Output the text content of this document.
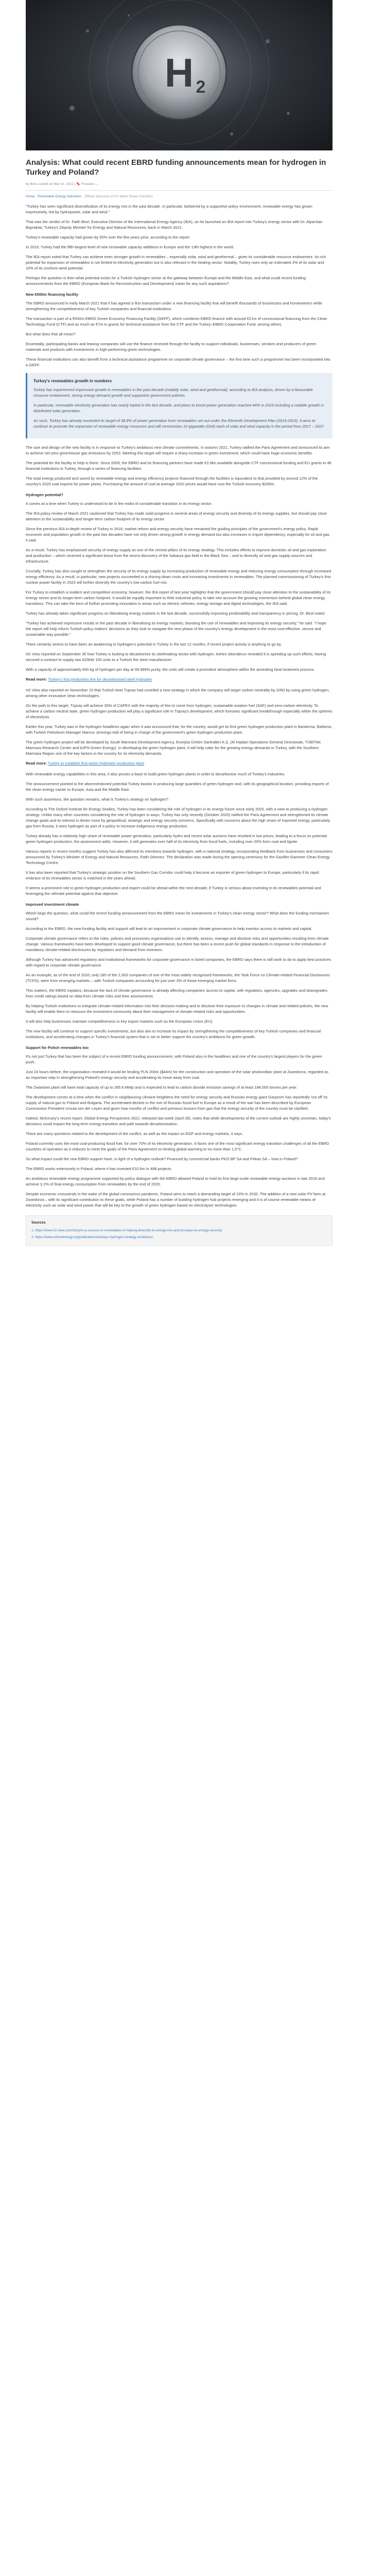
H 2
Analysis: What could recent EBRD funding announcements mean for hydrogen in
Turkey and Poland?
by Bob Lockhill on Mar 02, 2021 | 🔖 Fossiere —
Home Renewable Energy Industries Official Sponsors of H2 Week Power Corridors

"Turkey has seen significant diversification of its energy mix in the past decade. In particular, bolstered by a supportive policy environment, renewable energy has grown impressively, led by hydropower, solar and wind."

That was the verdict of Dr. Fatih Birol, Executive Director of the International Energy Agency (IEA), as he launched an IEA report into Turkey's energy sector with Dr. Alparslan Bayraktar, Turkey's Deputy Minister for Energy and Natural Resources, back in March 2021.

Turkey's renewable capacity had grown by 50% over the few years prior, according to the report.

In 2019, Turkey had the fifth-largest level of new renewable capacity additions in Europe and the 13th highest in the world.

The IEA report noted that Turkey can achieve even stronger growth in renewables – especially solar, wind and geothermal – given its considerable resource endowment. Its rich potential for expansion of renewables is not limited to electricity generation but is also relevant in the heating sector. Notably, Turkey uses only an estimated 3% of its solar and 10% of its onshore wind potential.

Perhaps the question is then what potential exists for a Turkish hydrogen sector at the gateway between Europe and the Middle East, and what could recent funding announcements from the EBRD (European Bank for Reconstruction and Development) mean for any such aspirations?

New €500m financing facility

The EBRD announced in early March 2021 that it has agreed a first transaction under a new financing facility that will benefit thousands of businesses and homeowners while strengthening the competitiveness of key Turkish companies and financial institutions.

The transaction is part of a €500m EBRD Green Economy Financing Facility (GEFF), which combines EBRD finance with around €21m of concessional financing from the Clean Technology Fund (CTF) and as much as €7m in grants for technical assistance from the CTF and the Turkey–EBRD Cooperation Fund, among others.

But what does that all mean?

Essentially, participating banks and leasing companies will use the finance received through the facility to support individuals, businesses, vendors and producers of green materials and products with investments in high-performing green technologies.

These financial institutions can also benefit from a technical assistance programme on corporate climate governance – the first time such a programme has been incorporated into a GEFF.

Turkey's renewables growth in numbers

Turkey has experienced impressive growth in renewables in the past decade (notably solar, wind and geothermal), according to IEA analysis, driven by a favourable resource endowment, strong energy demand growth and supportive government policies.

In particular, renewable electricity generation has nearly tripled in the last decade, and plans to boost power generation reached 44% in 2019 including a notable growth in distributed solar generation.

As such, Turkey has already exceeded its target of 38.8% of power generation from renewables set out under the Eleventh Development Plan (2019-2023). It aims to continue to promote the expansion of renewable energy resources and will commission 10 gigawatts (GW) each of solar and wind capacity in the period from 2017 – 2027.

The size and design of the new facility is in response to Turkey's ambitious new climate commitments. In autumn 2021, Turkey ratified the Paris Agreement and announced its aim to achieve net-zero greenhouse gas emissions by 2053. Meeting this target will require a sharp increase in green investment, which could have huge economic benefits.

The potential for the facility to help is there. Since 2009, the EBRD and its financing partners have made €2.6bn available alongside CTF concessional funding and EU grants to 48 financial institutions in Turkey, through a series of financing facilities.

The total energy produced and saved by renewable energy and energy efficiency projects financed through the facilities is equivalent to that provided by around 12% of the country's 2020 coal imports for power plants. Purchasing the amount of coal at average 2020 prices would have cost the Turkish economy $265m.

Hydrogen potential?

It comes at a time when Turkey is understood to be in the midst of considerable transition in its energy sector.

The IEA policy review of March 2021 cautioned that Turkey has made solid progress in several areas of energy security and diversity of its energy supplies, but should pay close attention to the sustainability and longer-term carbon footprint of its energy sector.

Since the previous IEA in-depth review of Turkey in 2016, market reform and energy security have remained the guiding principles of the government's energy policy. Rapid economic and population growth in the past two decades have not only driven strong growth in energy demand but also increases in import dependency, especially for oil and gas, it said.

As a result, Turkey has emphasised security of energy supply as one of the central pillars of its energy strategy. This includes efforts to improve domestic oil and gas exploration and production – which received a significant boost from the recent discovery of the Sakarya gas field in the Black Sea – and to diversify oil and gas supply sources and infrastructure.

Crucially, Turkey has also sought to strengthen the security of its energy supply by increasing production of renewable energy and reducing energy consumption through increased energy efficiency. As a result, in particular, new projects succeeded in a shining down costs and increasing investments in renewables. The planned commissioning of Turkey's first nuclear power facility in 2023 will further diversify the country's low-carbon fuel mix.

For Turkey to establish a modern and competitive economy, however, the IEA report of last year highlights that the government should pay close attention to the sustainability of its energy sector and its longer-term carbon footprint. It would be equally important to their industrial policy to take into account the growing momentum behind global clean energy transitions. This can take the form of further promoting innovation in areas such as electric vehicles, energy storage and digital technologies, the IEA said.

Turkey has already taken significant progress on liberalising energy markets in the last decade, successfully improving predictability and transparency in pricing, Dr. Birol noted.

"Turkey has achieved impressive results in the past decade in liberalising its energy markets, boosting the use of renewables and improving its energy security," he said. "I hope the report will help inform Turkish policy makers' decisions as they look to navigate the next phase of the country's energy development in the most cost-effective, secure and sustainable way possible."

There certainly seems to have been an awakening to hydrogen's potential in Turkey in the last 12 months, if recent project activity is anything to go by.

H2 View reported on September 30 how Turkey is looking to decarbonise its steelmaking sector with hydrogen. Ashes Iskenderun revealed it is speeding up such efforts, having secured a contract to supply two 625kW 100 units to a Turkish fire steel manufacturer.

With a capacity of approximately 600 kg of hydrogen per day at 99.999% purity, the units will create a promotive atmosphere within the annealing heat treatment process.

Read more: Turkey's first production line for decarbonised steel hydrogen

H2 View also reported on November 15 that Turkish beet Tupras had unveiled a new strategy in which the company will target carbon neutrality by 2050 by using green hydrogen, among other innovative clean technologies.

On the path to this target, Tüpraş will achieve 30% of CAPEX with the majority of this to come from hydrogen, sustainable aviation fuel (SAF) and zero-carbon electricity. To achieve a carbon neutral state, green hydrogen production will play a significant role in Tüpraş's development, which foresees significant breakthrough especially within the spheres of electrolysis.

Earlier this year, Turkey was in the hydrogen headlines again when it was announced that, for the country, would get its first green hydrogen production plant in Bandırma, Balikesir, with Turkish Petroleum Manager Marcus Jennings told of being in charge of the government's green hydrogen production plant.

The green hydrogen project will be developed by South Marmara Development Agency, Enerjisa Üretim Santralleri A.Ş. (Al Haidari Operations General Directorate, TÜBİTAK Marmara Research Center and AJPS-Green Energy). In developing the green hydrogen plant, it will help cater for the growing energy demands in Turkey, with the Southern Marmara Region one of the key factors in the country for its electricity demands.

Read more: Turkey to establish first green hydrogen production plant

With renewable energy capabilities in this area, it also proves a base to build green hydrogen plants in order to decarbonise much of Turkey's industries.

The announcement pointed to the aforementioned potential Turkey boasts in producing large quantities of green hydrogen and, with its geographical location, providing exports of the clean energy carrier to Europe, Asia and the Middle East.

With such assertions, the question remains, what is Turkey's strategy on hydrogen?

According to The Oxford Institute for Energy Studies, Turkey has been considering the role of hydrogen in its energy future since early 2020, with a view to producing a hydrogen strategy. Unlike many other countries considering the role of hydrogen in ways, Turkey has only recently (October 2020) ratified the Paris Agreement and strengthened its climate change goals and its interest is driven more by geopolitical, strategic and energy security concerns. Specifically with concerns about the high share of imported energy, particularly gas from Russia, it sees hydrogen as part of a policy to increase indigenous energy production.

Turkey already has a relatively high share of renewable power generation, particularly hydro and recent solar auctions have resulted in low prices, leading to a focus on potential green hydrogen production, the assessment adds. However, it still generates over half of its electricity from fossil fuels, including over 20% from coal and lignite.

Various reports in recent months suggest Turkey has also affirmed its intentions towards hydrogen, with a national strategy, incorporating feedback from businesses and consumers announced by Turkey's Minister of Energy and Natural Resources, Fatih Dönmez. The declaration was made during the opening ceremony for the Gazifier-Gammer Clean Energy Technology Centre.

It has also been reported that Turkey's strategic position on the Southern Gas Corridor could help it become an exporter of green hydrogen to Europe, particularly if its rapid embrace of its renewables sector is matched in the years ahead.

It seems a prominent role in green hydrogen production and export could be ahead within the next decade, if Turkey is serious about investing in its renewables potential and leveraging the ultimate potential against that objective.

Improved investment climate

Which begs the question, what could the recent funding announcement from the EBRD mean for investments in Turkey's clean energy sector? What does the funding mechanism sound?

According to the EBRD, the new funding facility and support will lead to an improvement in corporate climate governance to help investor access to markets and capital.

Corporate climate governance refers to the rules, policies and processes organisations use to identify, assess, manage and disclose risks and opportunities resulting from climate change. Various frameworks have been developed to support good climate governance, but there has been a recent push for global standards in response to the introduction of mandatory climate-related disclosures by regulators and demand from investors.

Although Turkey has advanced regulatory and institutional frameworks for corporate governance in listed companies, the EBRD says there is still work to do to apply best practices with regard to corporate climate governance.

As an example, as of the end of 2020, only 185 of the 2,303 companies of one of the most widely recognised frameworks, the Task Force on Climate-related Financial Disclosures (TCFD), were from emerging markets – with Turkish companies accounting for just over 3% of those emerging market firms.

This matters, the EBRD explains, because the lack of climate governance is already affecting companies' access to capital, with regulators, agencies, upgrades and downgrades from credit ratings based on data from climate risks and their assessments.

By helping Turkish institutions to integrate climate-related information into their decision-making and to disclose their exposure to changes in climate and related policies, the new facility will enable them to reassure the investment community about their management of climate-related risks and opportunities.

It will also help businesses maintain competitiveness in key export markets such as the European Union (EU).

The new facility will continue to support specific investments, but also aim to increase its impact by strengthening the competitiveness of key Turkish companies and financial institutions, and accelerating changes in Turkey's financial system that is set to better support the country's ambitions for green growth.

Support for Polish renewables too

It's not just Turkey that has been the subject of a recent EBRD funding announcement, with Poland also in the headlines and one of the country's largest players for the green push.

Just 24 hours before, the organisation revealed it would be lending PLN 200m ($44m) for the construction and operation of the solar photovoltaic plant at Zwardorza, regarded as an important step in strengthening Poland's energy security and accelerating its move away from coal.

The Zwartowo plant will have total capacity of up to 285.6 MWp and is expected to lead to carbon dioxide emission savings of at least 184,000 tonnes per year.

The development comes at a time when the conflict in neighbouring Ukraine heightens the need for energy security and Russian energy giant Gazprom has reportedly 'cut off' its supply of natural gas to Poland and Bulgaria. The accelerated decline in the rise of Russian fossil fuel in Europe as a result of the war has been described by European Commission President Ursula von der Leyen and given how months of conflict and previous lessons from gas that the energy security of the country must be clarified.

Indeed, McKinsey's recent report, Global Energy Perspective 2022, released last week (April 26), notes that while developments of the current outlook are highly uncertain, today's decisions could impact the long-term energy transition and path towards decarbonisation.

There are many questions related to the development of the conflict, as well as the impact on EGP and energy markets, it says.

Poland currently uses the most coal-producing fossil fuel, for over 70% of its electricity generation. It faces one of the most significant energy transition challenges of all the EBRD countries of operation as it reduces to meet the goals of the Paris Agreement on limiting global warming to no more than 1.5°C.

So what impact could the new EBRD support have, in light of a hydrogen outlook? Financed by commercial banks PKO BP SA and Pekao SA – how in Poland?

The EBRD works extensively in Poland, where it has invested €10.6m in 488 projects.

An ambitious renewable energy programme supported by policy dialogue with the EBRD allowed Poland to hold its first large-scale renewable energy auctions in late 2016 and achieve 3.2% of final energy consumption from renewables by the end of 2020.

Despite economic crosswinds in the wake of the global coronavirus pandemic, Poland aims to reach a demanding target of 23% in 2030. The addition of a new solar PV farm at Zwardorza – with its significant contribution to these goals, while Poland has a number of building hydrogen hub projects emerging and it is of course renewable means of electricity such as solar and wind power that will be key to the growth of green hydrogen based on electrolyser technologies.

Sources
1. https://www.h2-view.com/story/in-a-success-in-renewables-is-helping-diversify-its-energy-mix-and-increase-its-energy-security/
2. https://www.oxfordenergy.org/publications/turkeys-hydrogen-strategy-ambitions/
